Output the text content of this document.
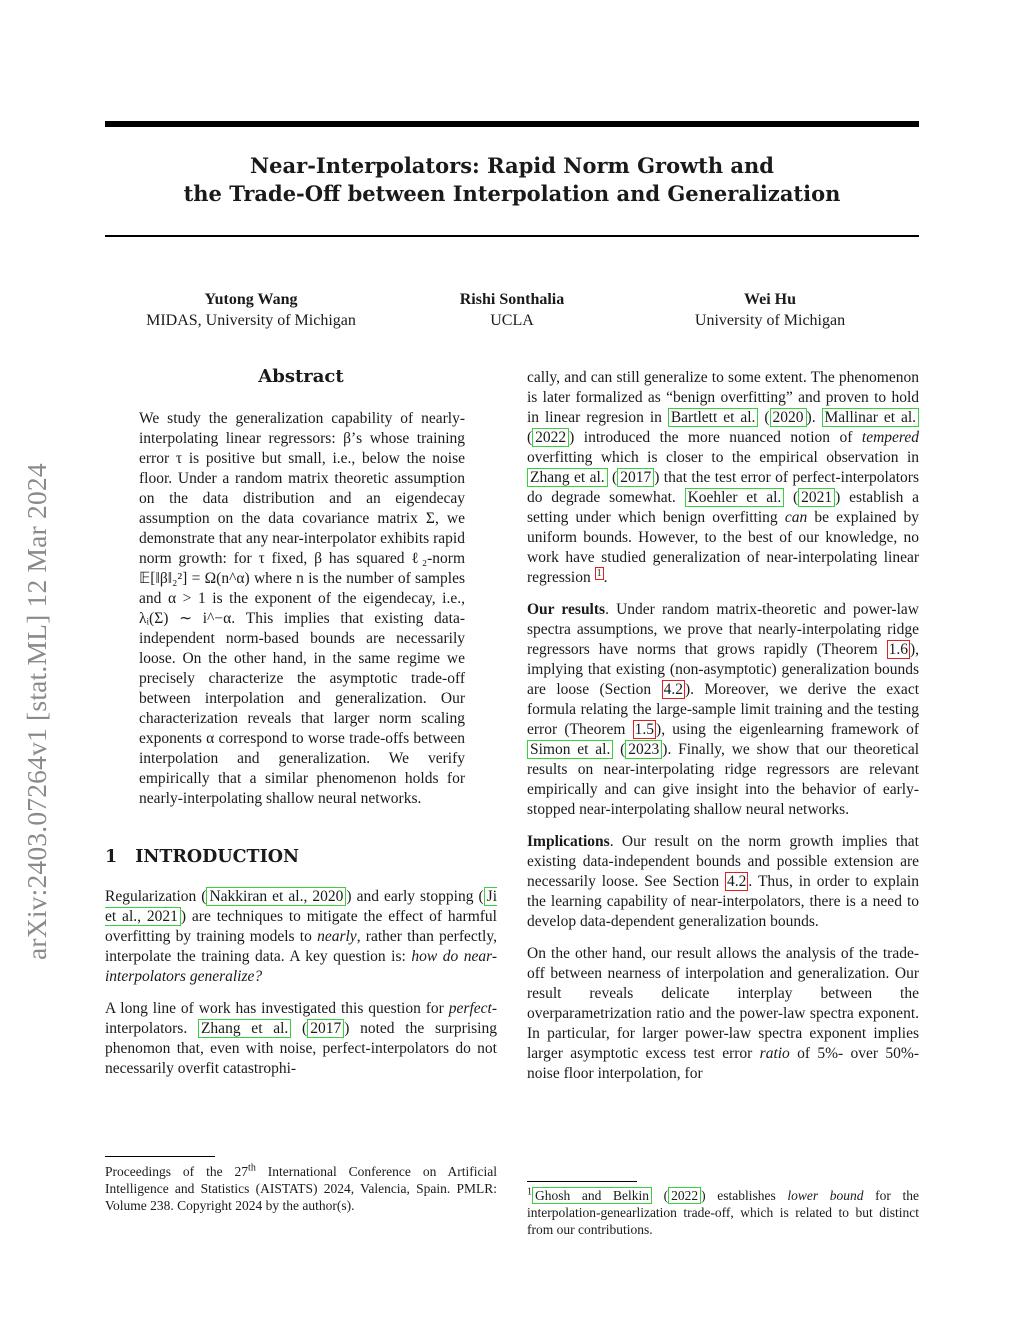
arXiv:2403.07264v1 [stat.ML] 12 Mar 2024
Near-Interpolators: Rapid Norm Growth and
the Trade-Off between Interpolation and Generalization
Yutong Wang
MIDAS, University of Michigan
Rishi Sonthalia
UCLA
Wei Hu
University of Michigan
Abstract

We study the generalization capability of nearly-interpolating linear regressors: β’s whose training error τ is positive but small, i.e., below the noise floor. Under a random matrix theoretic assumption on the data distribution and an eigendecay assumption on the data covariance matrix Σ, we demonstrate that any near-interpolator exhibits rapid norm growth: for τ fixed, β has squared ℓ₂-norm 𝔼[‖β‖₂²] = Ω(n^α) where n is the number of samples and α > 1 is the exponent of the eigendecay, i.e., λᵢ(Σ) ∼ i^−α. This implies that existing data-independent norm-based bounds are necessarily loose. On the other hand, in the same regime we precisely characterize the asymptotic trade-off between interpolation and generalization. Our characterization reveals that larger norm scaling exponents α correspond to worse trade-offs between interpolation and generalization. We verify empirically that a similar phenomenon holds for nearly-interpolating shallow neural networks.

1 INTRODUCTION

Regularization ( Nakkiran et al., 2020 ) and early stopping ( Ji et al., 2021 ) are techniques to mitigate the effect of harmful overfitting by training models to nearly, rather than perfectly, interpolate the training data. A key question is: how do near-interpolators generalize?

A long line of work has investigated this question for perfect-interpolators. Zhang et al. ( 2017 ) noted the surprising phenomon that, even with noise, perfect-interpolators do not necessarily overfit catastrophi-

cally, and can still generalize to some extent. The phenomenon is later formalized as “benign overfitting” and proven to hold in linear regresion in Bartlett et al. ( 2020 ). Mallinar et al. ( 2022 ) introduced the more nuanced notion of tempered overfitting which is closer to the empirical observation in Zhang et al. ( 2017 ) that the test error of perfect-interpolators do degrade somewhat. Koehler et al. ( 2021 ) establish a setting under which benign overfitting can be explained by uniform bounds. However, to the best of our knowledge, no work have studied generalization of near-interpolating linear regression $^1$ .

Our results. Under random matrix-theoretic and power-law spectra assumptions, we prove that nearly-interpolating ridge regressors have norms that grows rapidly (Theorem 1.6 ), implying that existing (non-asymptotic) generalization bounds are loose (Section 4.2 ). Moreover, we derive the exact formula relating the large-sample limit training and the testing error (Theorem 1.5 ), using the eigenlearning framework of Simon et al. ( 2023 ). Finally, we show that our theoretical results on near-interpolating ridge regressors are relevant empirically and can give insight into the behavior of early-stopped near-interpolating shallow neural networks.

Implications. Our result on the norm growth implies that existing data-independent bounds and possible extension are necessarily loose. See Section 4.2 . Thus, in order to explain the learning capability of near-interpolators, there is a need to develop data-dependent generalization bounds.

On the other hand, our result allows the analysis of the trade-off between nearness of interpolation and generalization. Our result reveals delicate interplay between the overparametrization ratio and the power-law spectra exponent. In particular, for larger power-law spectra exponent implies larger asymptotic excess test error ratio of 5%- over 50%-noise floor interpolation, for

Proceedings of the 27th International Conference on Artificial Intelligence and Statistics (AISTATS) 2024, Valencia, Spain. PMLR: Volume 238. Copyright 2024 by the author(s).
$^1$ Ghosh and Belkin ( 2022 ) establishes lower bound for the interpolation-genearlization trade-off, which is related to but distinct from our contributions.
